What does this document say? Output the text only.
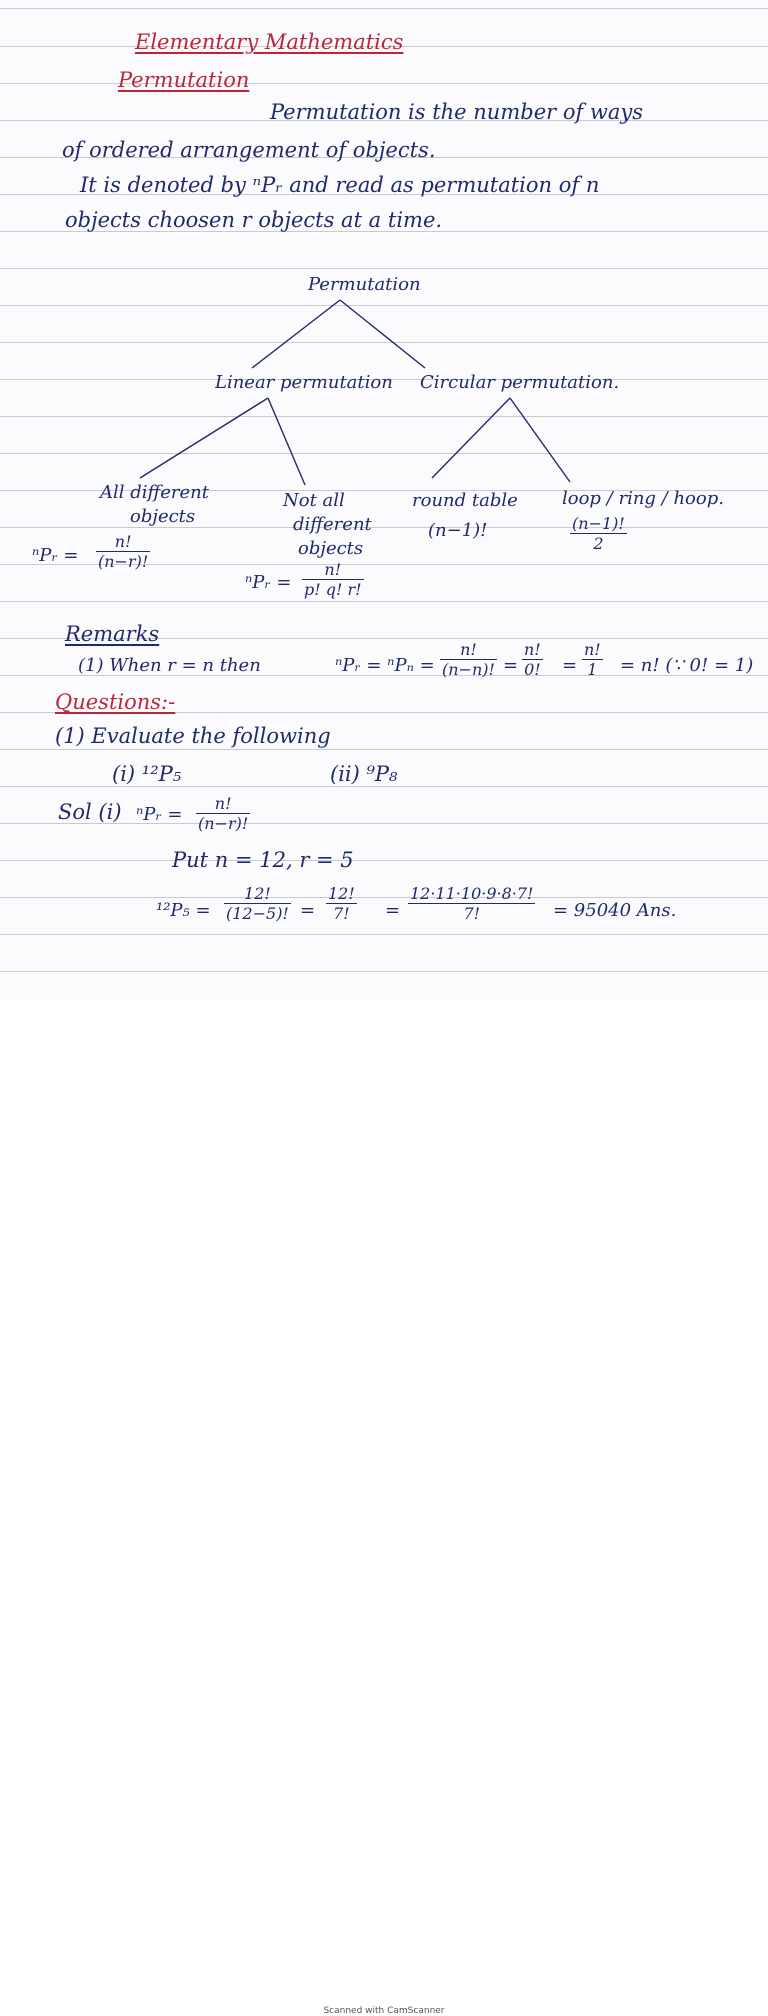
Elementary Mathematics
Permutation
Permutation is the number of ways
of ordered arrangement of objects.
It is denoted by ⁿPᵣ and read as permutation of n
objects choosen r objects at a time.
Permutation
Linear permutation Circular permutation.
All different
objects
ⁿPᵣ = $\frac{n!}{(n-r)!}$
Not all
different
objects
ⁿPᵣ = $\frac{n!}{p! q! r!}$
round table
(n−1)!
loop / ring / hoop.
$\frac{(n-1)!}{2}$
Remarks
(1) When r = n then	ⁿPᵣ = $^nP_n = \frac{n!}{(n-n)!} = \frac{n!}{0!} = \frac{n!}{1} = n$! (∵ 0! = 1)
Questions:-
(1) Evaluate the following
(i) ¹²P₅	(ii) ⁹P₈
Sol (i) ⁿPᵣ = $\frac{n!}{(n-r)!}$
Put n = 12, r = 5
$^{12}P_5 = \frac{12!}{(12-5)!} = \frac{12!}{7!} = \frac{12\cdot 11\cdot 10\cdot 9\cdot 8\cdot 7!}{7!} = 95040$ Ans.
Scanned with CamScanner
